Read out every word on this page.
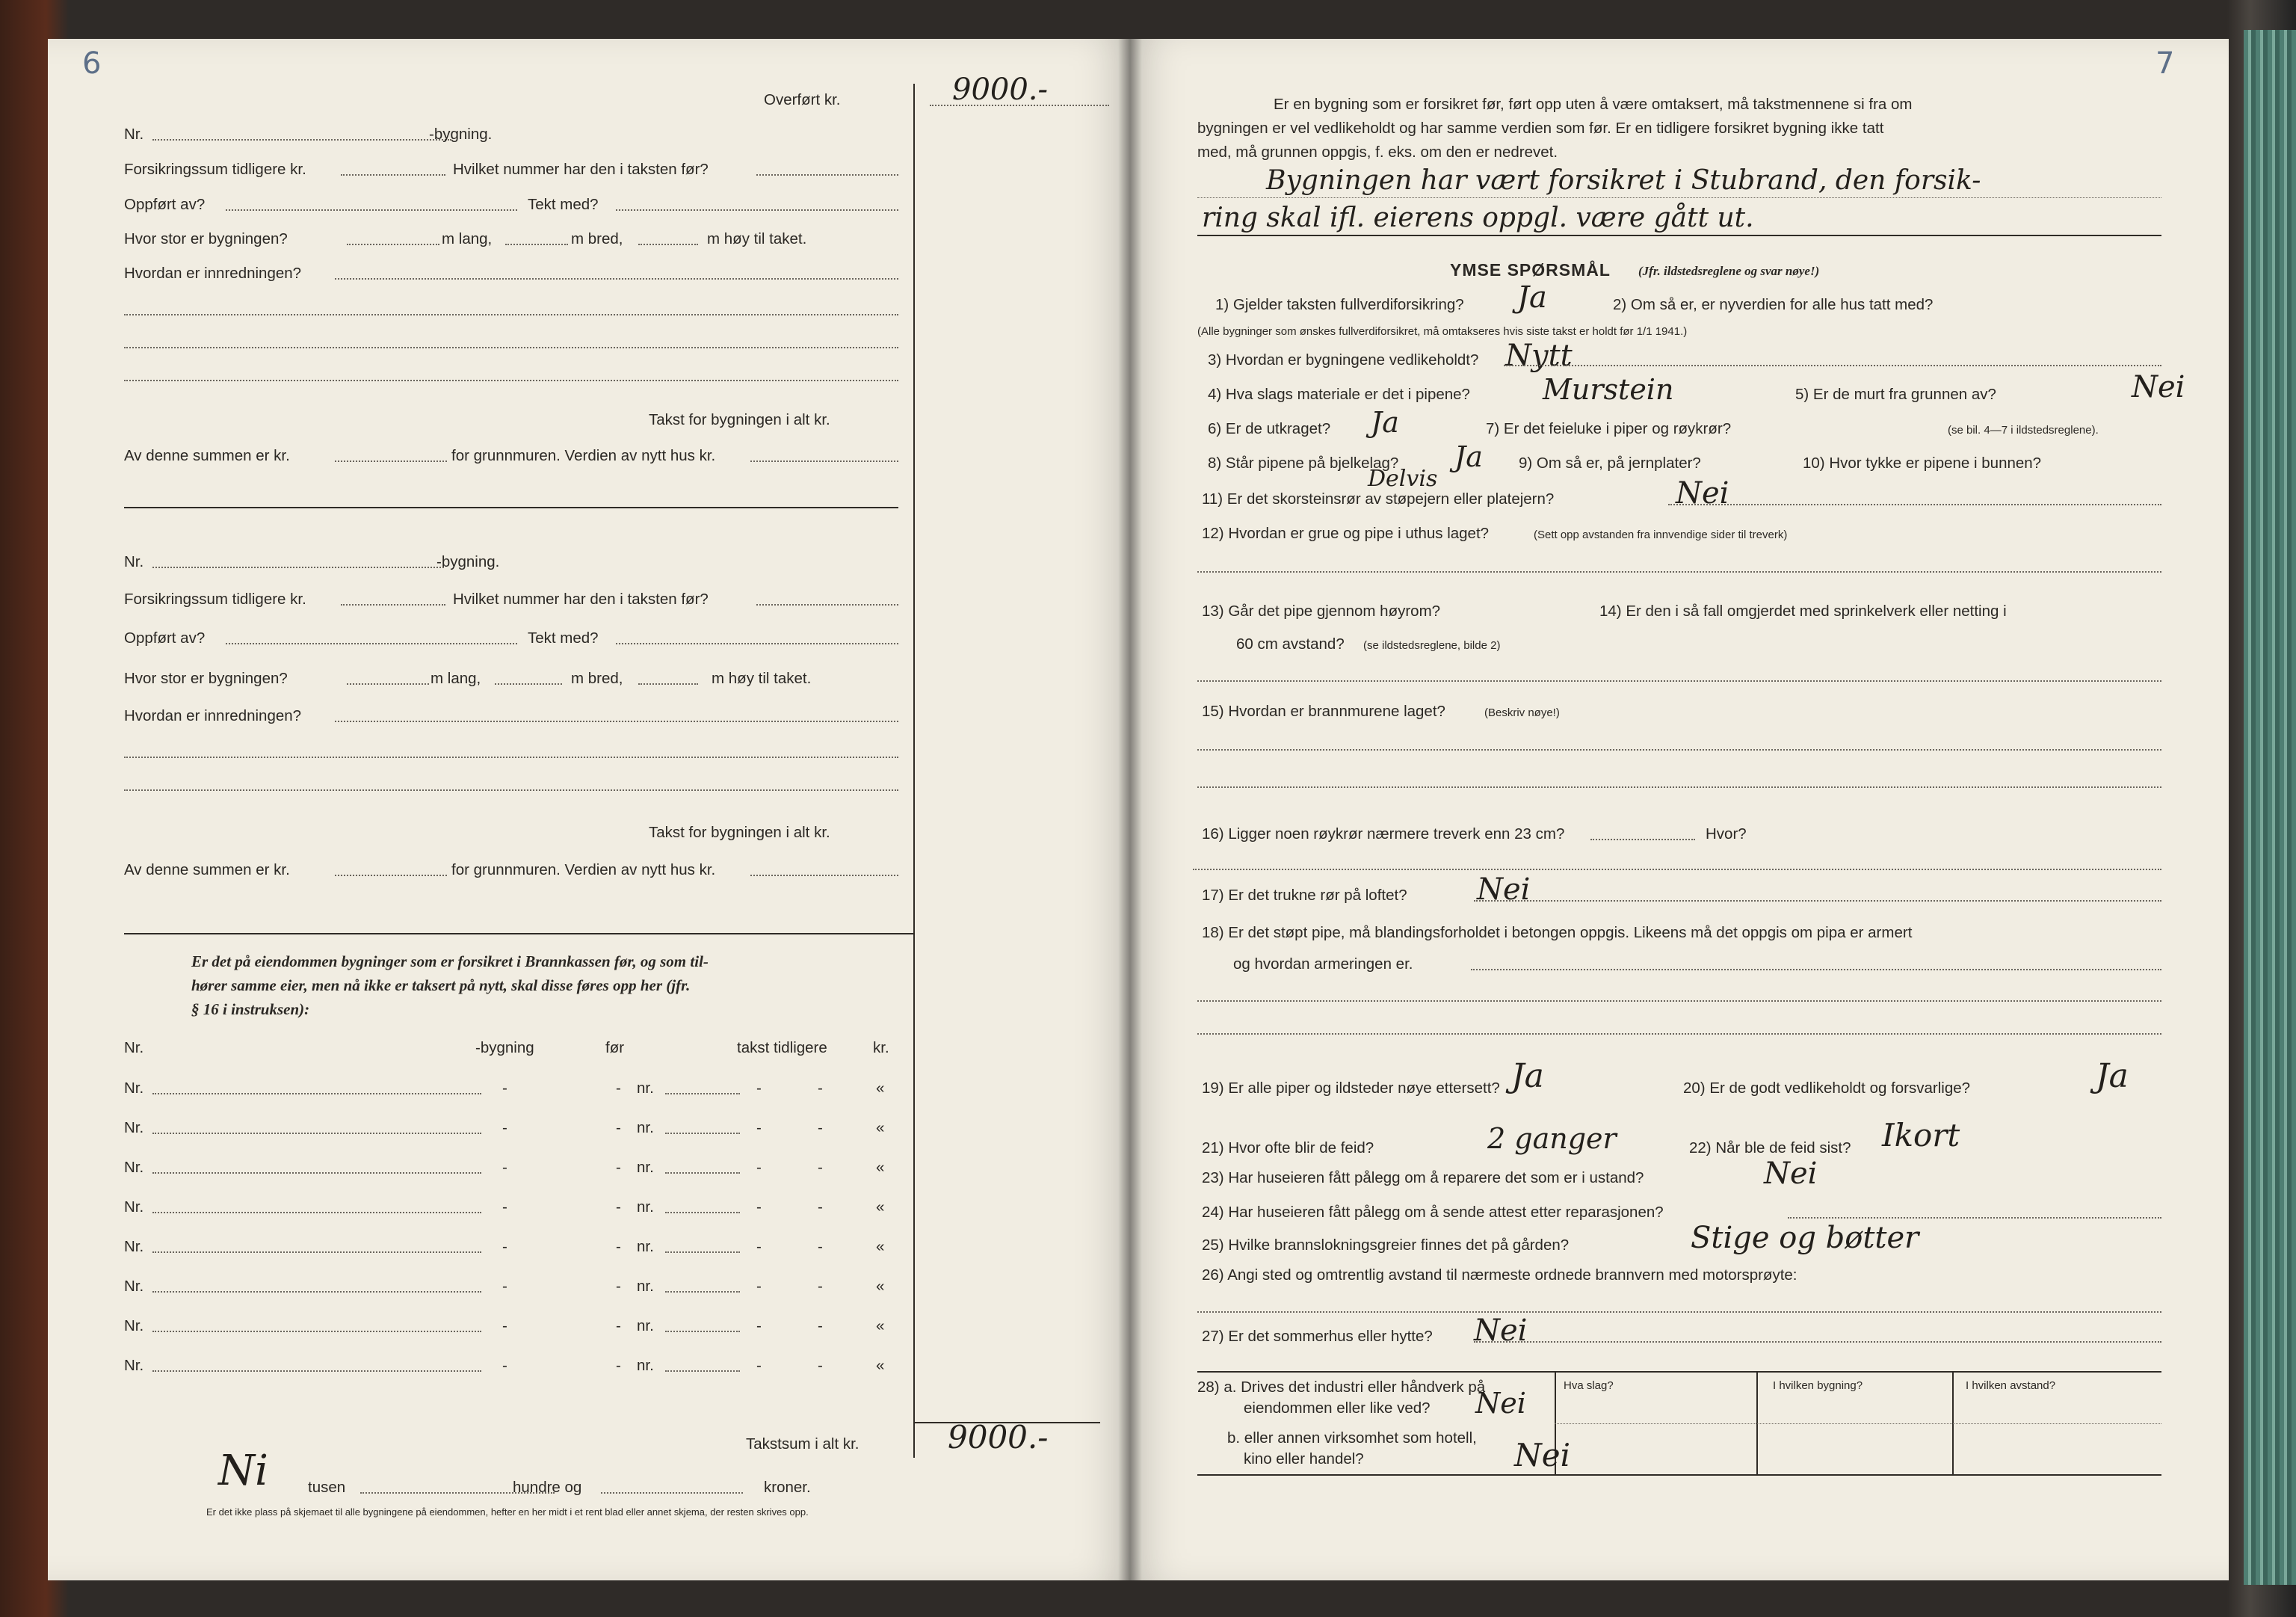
6
Overført kr.	9000.-
Nr.	-bygning.
Forsikringssum tidligere kr.	Hvilket nummer har den i taksten før?
Oppført av?	Tekt med?
Hvor stor er bygningen?	m lang,	m bred,	m høy til taket.
Hvordan er innredningen?
Takst for bygningen i alt kr.
Av denne summen er kr.	for grunnmuren. Verdien av nytt hus kr.
Nr.	-bygning.
Forsikringssum tidligere kr.	Hvilket nummer har den i taksten før?
Oppført av?	Tekt med?
Hvor stor er bygningen?	m lang,	m bred,	m høy til taket.
Hvordan er innredningen?
Takst for bygningen i alt kr.
Av denne summen er kr.	for grunnmuren. Verdien av nytt hus kr.
Er det på eiendommen bygninger som er forsikret i Brannkassen før, og som til-
hører samme eier, men nå ikke er taksert på nytt, skal disse føres opp her (jfr.
§ 16 i instruksen):
Nr.	-bygning	før	takst tidligere	kr.
Nr.	-	- nr.	-	-	«
Nr.	-	- nr.	-	-	«
Nr.	-	- nr.	-	-	«
Nr.	-	- nr.	-	-	«
Nr.	-	- nr.	-	-	«
Nr.	-	- nr.	-	-	«
Nr.	-	- nr.	-	-	«
Nr.	-	- nr.	-	-	«
Takstsum i alt kr.	9000.-
Ni	tusen	hundre og	kroner.
Er det ikke plass på skjemaet til alle bygningene på eiendommen, hefter en her midt i et rent blad eller annet skjema, der resten skrives opp.
7
Er en bygning som er forsikret før, ført opp uten å være omtaksert, må takstmennene si fra om
bygningen er vel vedlikeholdt og har samme verdien som før. Er en tidligere forsikret bygning ikke tatt
med, må grunnen oppgis, f. eks. om den er nedrevet.
Bygningen har vært forsikret i Stubrand, den forsik-
ring skal ifl. eierens oppgl. være gått ut.
YMSE SPØRSMÅL (Jfr. ildstedsreglene og svar nøye!)
1) Gjelder taksten fullverdiforsikring? Ja	2) Om så er, er nyverdien for alle hus tatt med?
(Alle bygninger som ønskes fullverdiforsikret, må omtakseres hvis siste takst er holdt før 1/1 1941.)
3) Hvordan er bygningene vedlikeholdt? Nytt
4) Hva slags materiale er det i pipene?	Murstein	5) Er de murt fra grunnen av?	Nei
6) Er de utkraget? Ja	7) Er det feieluke i piper og røykrør?	(se bil. 4—7 i ildstedsreglene).
8) Står pipene på bjelkelag? Ja
Delvis
9) Om så er, på jernplater?	10) Hvor tykke er pipene i bunnen?
11) Er det skorsteinsrør av støpejern eller platejern?	Nei
12) Hvordan er grue og pipe i uthus laget?	(Sett opp avstanden fra innvendige sider til treverk)
13) Går det pipe gjennom høyrom?	14) Er den i så fall omgjerdet med sprinkelverk eller netting i
60 cm avstand? (se ildstedsreglene, bilde 2)
15) Hvordan er brannmurene laget?	(Beskriv nøye!)
16) Ligger noen røykrør nærmere treverk enn 23 cm?	Hvor?
17) Er det trukne rør på loftet? Nei
18) Er det støpt pipe, må blandingsforholdet i betongen oppgis. Likeens må det oppgis om pipa er armert
og hvordan armeringen er.
19) Er alle piper og ildsteder nøye ettersett? Ja	20) Er de godt vedlikeholdt og forsvarlige?	Ja
21) Hvor ofte blir de feid?	2 ganger	22) Når ble de feid sist? Ikort
23) Har huseieren fått pålegg om å reparere det som er i ustand?	Nei
24) Har huseieren fått pålegg om å sende attest etter reparasjonen?
25) Hvilke brannslokningsgreier finnes det på gården?	Stige og bøtter
26) Angi sted og omtrentlig avstand til nærmeste ordnede brannvern med motorsprøyte:
27) Er det sommerhus eller hytte? Nei
Hva slag?	I hvilken bygning?	I hvilken avstand?
28) a. Drives det industri eller håndverk på
eiendommen eller like ved? Nei
b. eller annen virksomhet som hotell,
kino eller handel?	Nei
